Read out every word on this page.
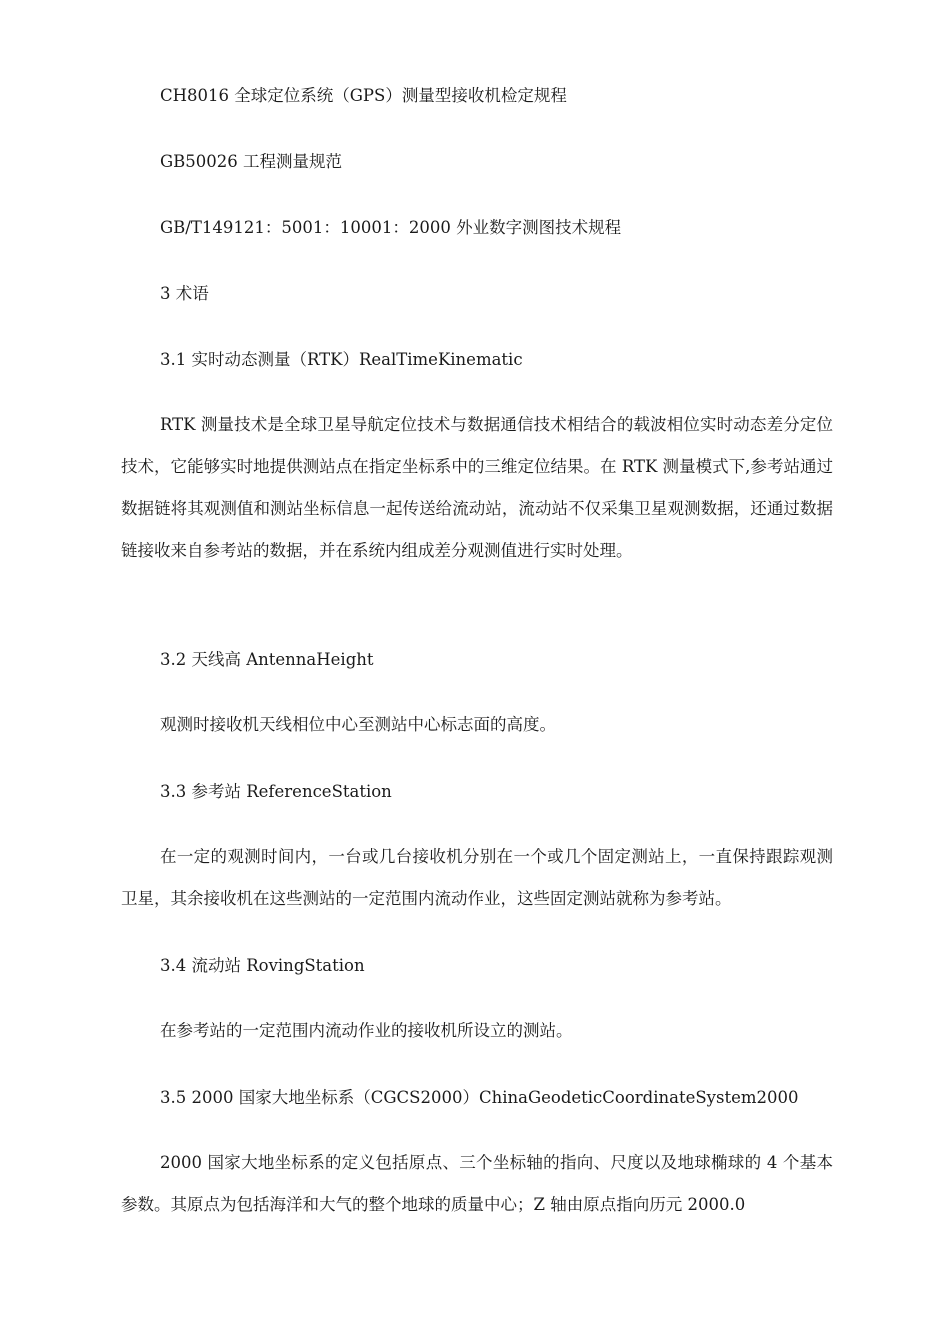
CH8016 全球定位系统（GPS）测量型接收机检定规程
GB50026 工程测量规范
GB/T149121：5001：10001：2000 外业数字测图技术规程
3 术语
3.1 实时动态测量（RTK）RealTimeKinematic
RTK 测量技术是全球卫星导航定位技术与数据通信技术相结合的载波相位实时动态差分定位技术，它能够实时地提供测站点在指定坐标系中的三维定位结果。在 RTK 测量模式下,参考站通过数据链将其观测值和测站坐标信息一起传送给流动站，流动站不仅采集卫星观测数据，还通过数据链接收来自参考站的数据，并在系统内组成差分观测值进行实时处理。
3.2 天线高 AntennaHeight
观测时接收机天线相位中心至测站中心标志面的高度。
3.3 参考站 ReferenceStation
在一定的观测时间内，一台或几台接收机分别在一个或几个固定测站上，一直保持跟踪观测卫星，其余接收机在这些测站的一定范围内流动作业，这些固定测站就称为参考站。
3.4 流动站 RovingStation
在参考站的一定范围内流动作业的接收机所设立的测站。
3.5 2000 国家大地坐标系（CGCS2000）ChinaGeodeticCoordinateSystem2000
2000 国家大地坐标系的定义包括原点、三个坐标轴的指向、尺度以及地球椭球的 4 个基本参数。其原点为包括海洋和大气的整个地球的质量中心；Z 轴由原点指向历元 2000.0
